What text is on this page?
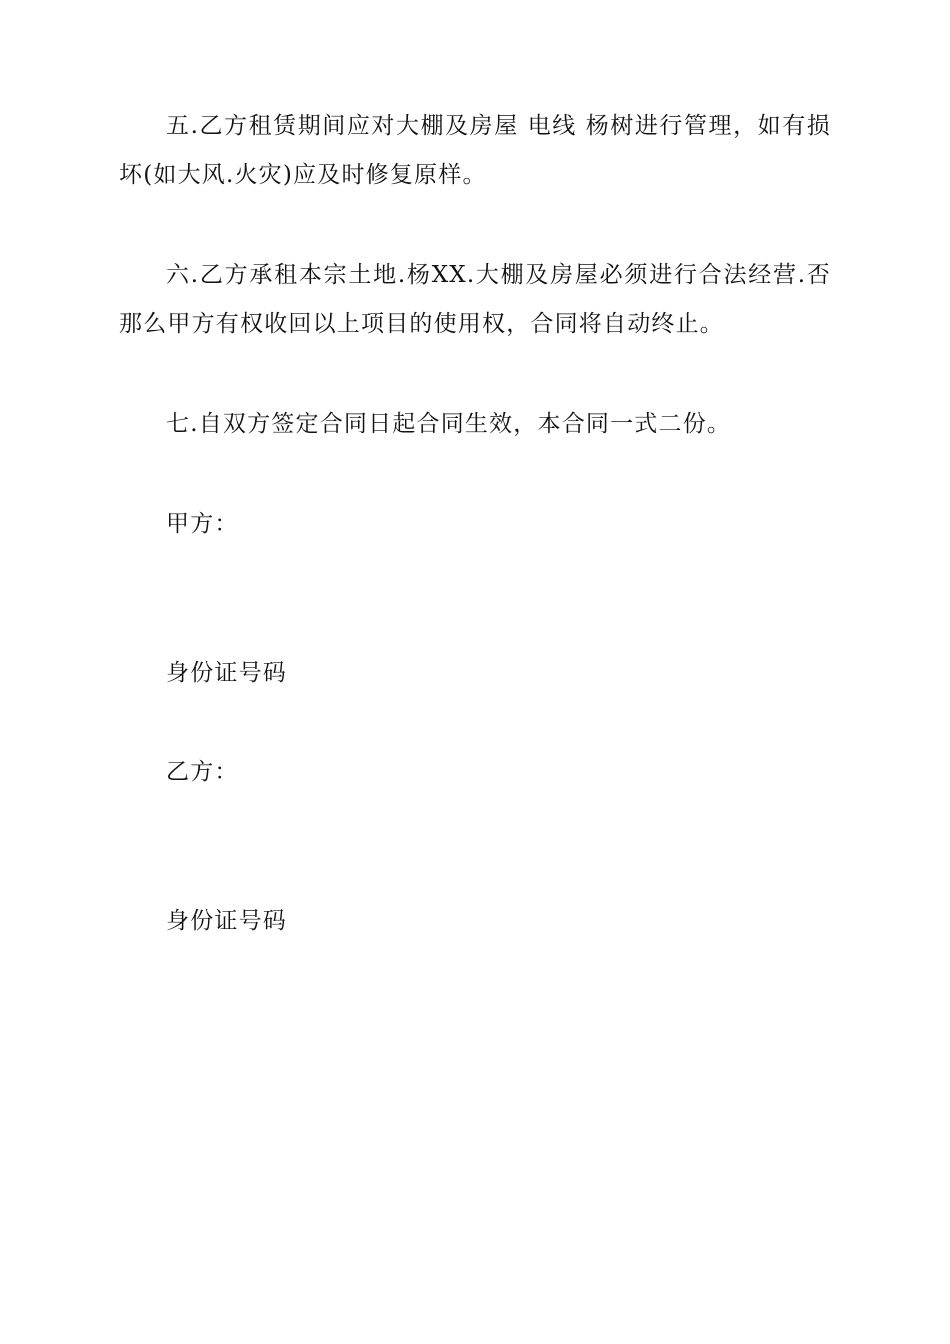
五.乙方租赁期间应对大棚及房屋 电线 杨树进行管理，如有损坏(如大风.火灾)应及时修复原样。

六.乙方承租本宗土地.杨XX.大棚及房屋必须进行合法经营.否那么甲方有权收回以上项目的使用权，合同将自动终止。

七.自双方签定合同日起合同生效，本合同一式二份。

甲方：

身份证号码

乙方：

身份证号码
